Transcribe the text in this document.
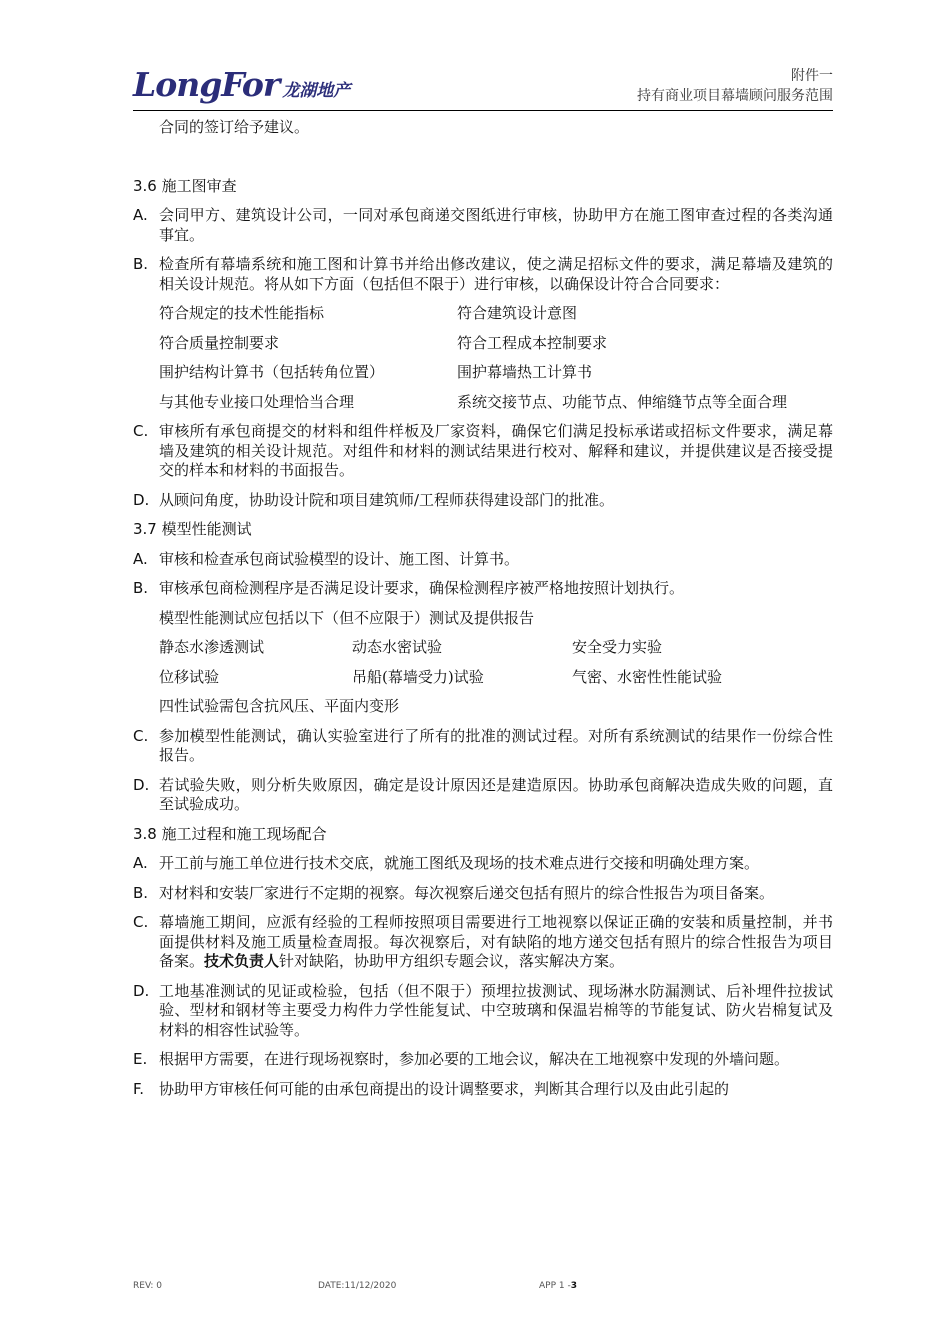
LongFor 龙湖地产
附件一
持有商业项目幕墙顾问服务范围

合同的签订给予建议。

3.6 施工图审查

A. 会同甲方、建筑设计公司，一同对承包商递交图纸进行审核，协助甲方在施工图审查过程的各类沟通事宜。
B. 检查所有幕墙系统和施工图和计算书并给出修改建议，使之满足招标文件的要求，满足幕墙及建筑的相关设计规范。将从如下方面（包括但不限于）进行审核，以确保设计符合合同要求：
符合规定的技术性能指标	符合建筑设计意图
符合质量控制要求	符合工程成本控制要求
围护结构计算书（包括转角位置）	围护幕墙热工计算书
与其他专业接口处理恰当合理	系统交接节点、功能节点、伸缩缝节点等全面合理
C. 审核所有承包商提交的材料和组件样板及厂家资料，确保它们满足投标承诺或招标文件要求，满足幕墙及建筑的相关设计规范。对组件和材料的测试结果进行校对、解释和建议，并提供建议是否接受提交的样本和材料的书面报告。
D. 从顾问角度，协助设计院和项目建筑师/工程师获得建设部门的批准。

3.7 模型性能测试

A. 审核和检查承包商试验模型的设计、施工图、计算书。
B. 审核承包商检测程序是否满足设计要求，确保检测程序被严格地按照计划执行。

模型性能测试应包括以下（但不应限于）测试及提供报告

静态水渗透测试	动态水密试验	安全受力实验
位移试验	吊船(幕墙受力)试验	气密、水密性性能试验

四性试验需包含抗风压、平面内变形

C. 参加模型性能测试，确认实验室进行了所有的批准的测试过程。对所有系统测试的结果作一份综合性报告。
D. 若试验失败，则分析失败原因，确定是设计原因还是建造原因。协助承包商解决造成失败的问题，直至试验成功。

3.8 施工过程和施工现场配合

A. 开工前与施工单位进行技术交底，就施工图纸及现场的技术难点进行交接和明确处理方案。
B. 对材料和安装厂家进行不定期的视察。每次视察后递交包括有照片的综合性报告为项目备案。
C. 幕墙施工期间，应派有经验的工程师按照项目需要进行工地视察以保证正确的安装和质量控制，并书面提供材料及施工质量检查周报。每次视察后，对有缺陷的地方递交包括有照片的综合性报告为项目备案。技术负责人针对缺陷，协助甲方组织专题会议，落实解决方案。
D. 工地基准测试的见证或检验，包括（但不限于）预埋拉拔测试、现场淋水防漏测试、后补埋件拉拔试验、型材和钢材等主要受力构件力学性能复试、中空玻璃和保温岩棉等的节能复试、防火岩棉复试及材料的相容性试验等。
E. 根据甲方需要，在进行现场视察时，参加必要的工地会议，解决在工地视察中发现的外墙问题。
F. 协助甲方审核任何可能的由承包商提出的设计调整要求，判断其合理行以及由此引起的
REV: 0	DATE:11/12/2020	APP 1 -3
